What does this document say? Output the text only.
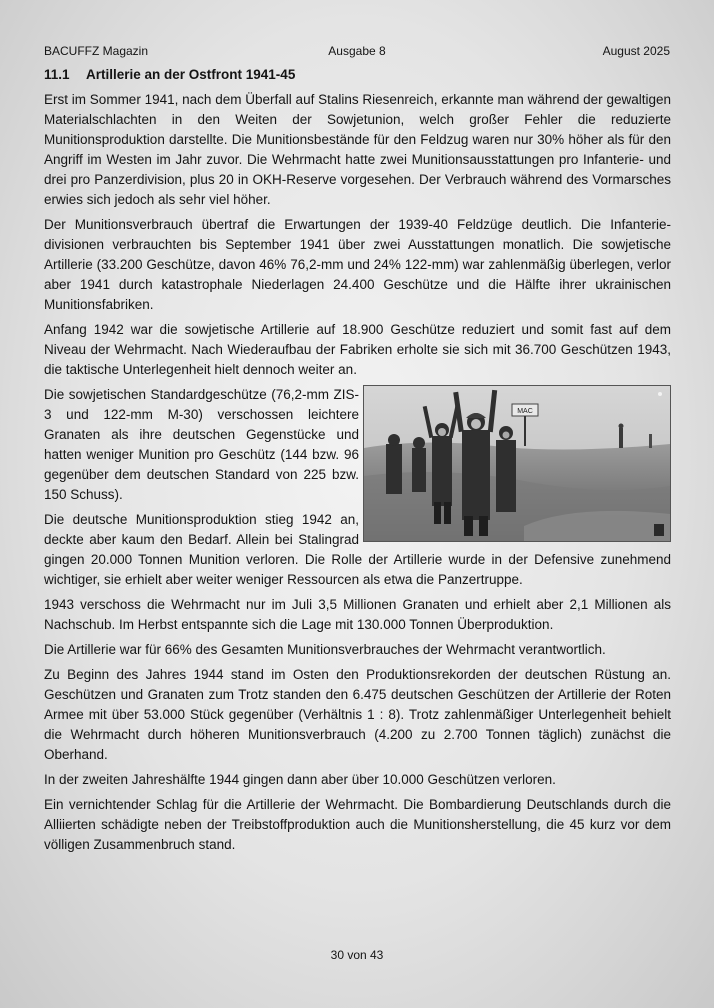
BACUFFZ Magazin	Ausgabe 8	August 2025
11.1 Artillerie an der Ostfront 1941-45

Erst im Sommer 1941, nach dem Überfall auf Stalins Riesenreich, erkannte man während der gewaltigen Materialschlachten in den Weiten der Sowjetunion, welch großer Fehler die reduzierte Munitionsproduktion darstellte. Die Munitionsbestände für den Feldzug waren nur 30% höher als für den Angriff im Westen im Jahr zuvor. Die Wehrmacht hatte zwei Munitionsausstattungen pro Infanterie- und drei pro Panzerdivision, plus 20 in OKH-Reserve vorgesehen. Der Verbrauch während des Vormarsches erwies sich jedoch als sehr viel höher.

Der Munitionsverbrauch übertraf die Erwartungen der 1939-40 Feldzüge deutlich. Die Infanteriedivisionen verbrauchten bis September 1941 über zwei Ausstattungen monatlich. Die sowjetische Artillerie (33.200 Geschütze, davon 46% 76,2-mm und 24% 122-mm) war zahlenmäßig überlegen, verlor aber 1941 durch katastrophale Niederlagen 24.400 Geschütze und die Hälfte ihrer ukrainischen Munitionsfabriken.

Anfang 1942 war die sowjetische Artillerie auf 18.900 Geschütze reduziert und somit fast auf dem Niveau der Wehrmacht. Nach Wiederaufbau der Fabriken erholte sie sich mit 36.700 Geschützen 1943, die taktische Unterlegenheit hielt dennoch weiter an.

MAC

Die sowjetischen Standardgeschütze (76,2-mm ZIS-3 und 122-mm M-30) verschossen leichtere Granaten als ihre deutschen Gegenstücke und hatten weniger Munition pro Geschütz (144 bzw. 96 gegenüber dem deutschen Standard von 225 bzw. 150 Schuss).

Die deutsche Munitionsproduktion stieg 1942 an, deckte aber kaum den Bedarf. Allein bei Stalingrad gingen 20.000 Tonnen Munition verloren. Die Rolle der Artillerie wurde in der Defensive zunehmend wichtiger, sie erhielt aber weiter weniger Ressourcen als etwa die Panzertruppe.

1943 verschoss die Wehrmacht nur im Juli 3,5 Millionen Granaten und erhielt aber 2,1 Millionen als Nachschub. Im Herbst entspannte sich die Lage mit 130.000 Tonnen Überproduktion.

Die Artillerie war für 66% des Gesamten Munitionsverbrauches der Wehrmacht verantwortlich.

Zu Beginn des Jahres 1944 stand im Osten den Produktionsrekorden der deutschen Rüstung an. Geschützen und Granaten zum Trotz standen den 6.475 deutschen Geschützen der Artillerie der Roten Armee mit über 53.000 Stück gegenüber (Verhältnis 1 : 8). Trotz zahlenmäßiger Unterlegenheit behielt die Wehrmacht durch höheren Munitionsverbrauch (4.200 zu 2.700 Tonnen täglich) zunächst die Oberhand.

In der zweiten Jahreshälfte 1944 gingen dann aber über 10.000 Geschützen verloren.

Ein vernichtender Schlag für die Artillerie der Wehrmacht. Die Bombardierung Deutschlands durch die Alliierten schädigte neben der Treibstoffproduktion auch die Munitionsherstellung, die 45 kurz vor dem völligen Zusammenbruch stand.

30 von 43
